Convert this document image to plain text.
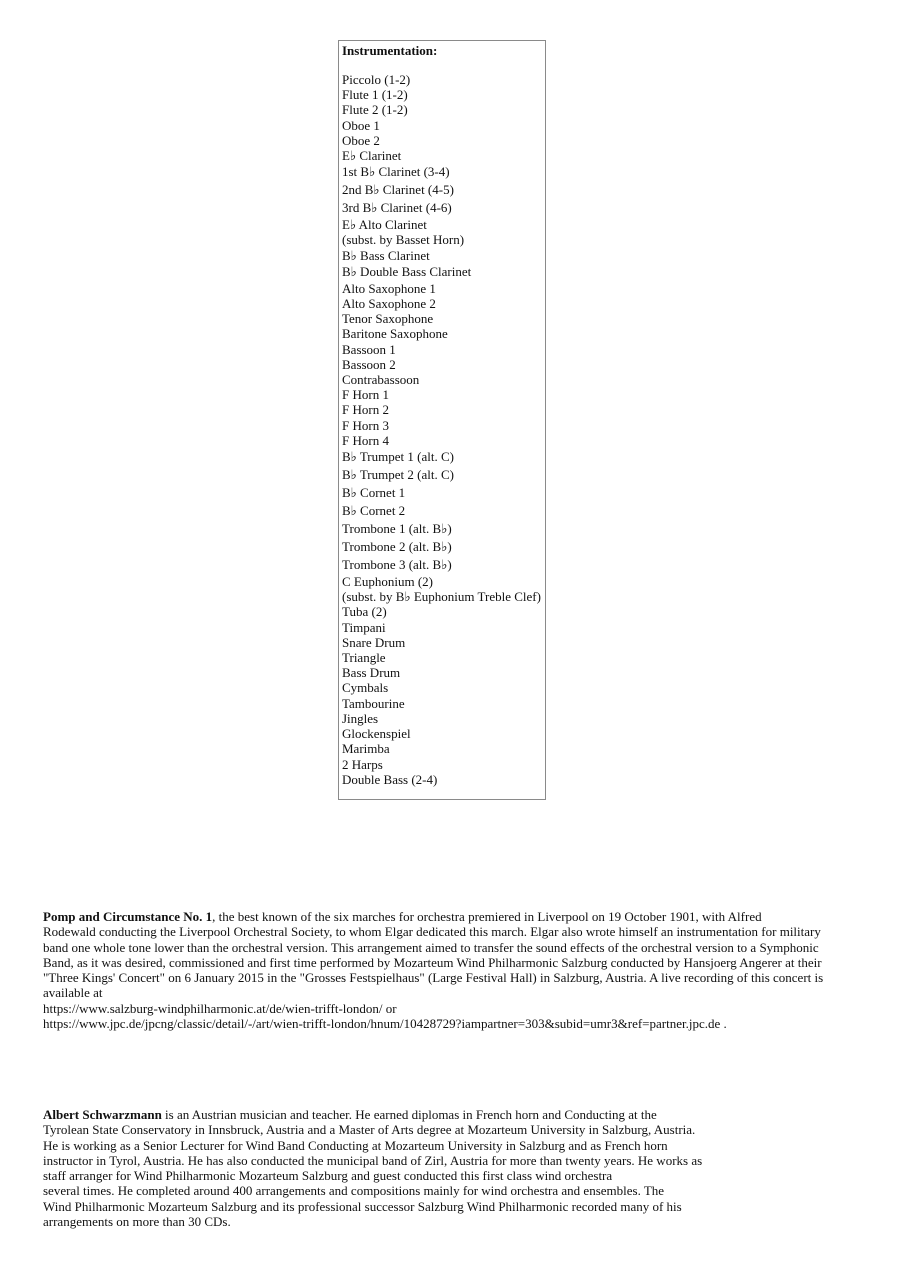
Instrumentation:
Piccolo (1-2)
Flute 1 (1-2)
Flute 2 (1-2)
Oboe 1
Oboe 2
E♭ Clarinet
1st B♭ Clarinet (3-4)
2nd B♭ Clarinet (4-5)
3rd B♭ Clarinet (4-6)
E♭ Alto Clarinet
(subst. by Basset Horn)
B♭ Bass Clarinet
B♭ Double Bass Clarinet
Alto Saxophone 1
Alto Saxophone 2
Tenor Saxophone
Baritone Saxophone
Bassoon 1
Bassoon 2
Contrabassoon
F Horn 1
F Horn 2
F Horn 3
F Horn 4
B♭ Trumpet 1 (alt. C)
B♭ Trumpet 2 (alt. C)
B♭ Cornet 1
B♭ Cornet 2
Trombone 1 (alt. B♭)
Trombone 2 (alt. B♭)
Trombone 3 (alt. B♭)
C Euphonium (2)
(subst. by B♭ Euphonium Treble Clef)
Tuba (2)
Timpani
Snare Drum
Triangle
Bass Drum
Cymbals
Tambourine
Jingles
Glockenspiel
Marimba
2 Harps
Double Bass (2-4)
Pomp and Circumstance No. 1, the best known of the six marches for orchestra premiered in Liverpool on 19 October 1901, with Alfred
Rodewald conducting the Liverpool Orchestral Society, to whom Elgar dedicated this march. Elgar also wrote himself an instrumentation for military
band one whole tone lower than the orchestral version. This arrangement aimed to transfer the sound effects of the orchestral version to a Symphonic
Band, as it was desired, commissioned and first time performed by Mozarteum Wind Philharmonic Salzburg conducted by Hansjoerg Angerer at their
"Three Kings' Concert" on 6 January 2015 in the "Grosses Festspielhaus" (Large Festival Hall) in Salzburg, Austria. A live recording of this concert is
available at
https://www.salzburg-windphilharmonic.at/de/wien-trifft-london/ or
https://www.jpc.de/jpcng/classic/detail/-/art/wien-trifft-london/hnum/10428729?iampartner=303&subid=umr3&ref=partner.jpc.de .
Albert Schwarzmann is an Austrian musician and teacher. He earned diplomas in French horn and Conducting at the
Tyrolean State Conservatory in Innsbruck, Austria and a Master of Arts degree at Mozarteum University in Salzburg, Austria.
He is working as a Senior Lecturer for Wind Band Conducting at Mozarteum University in Salzburg and as French horn
instructor in Tyrol, Austria. He has also conducted the municipal band of Zirl, Austria for more than twenty years. He works as
staff arranger for Wind Philharmonic Mozarteum Salzburg and guest conducted this first class wind orchestra
several times. He completed around 400 arrangements and compositions mainly for wind orchestra and ensembles. The
Wind Philharmonic Mozarteum Salzburg and its professional successor Salzburg Wind Philharmonic recorded many of his
arrangements on more than 30 CDs.
